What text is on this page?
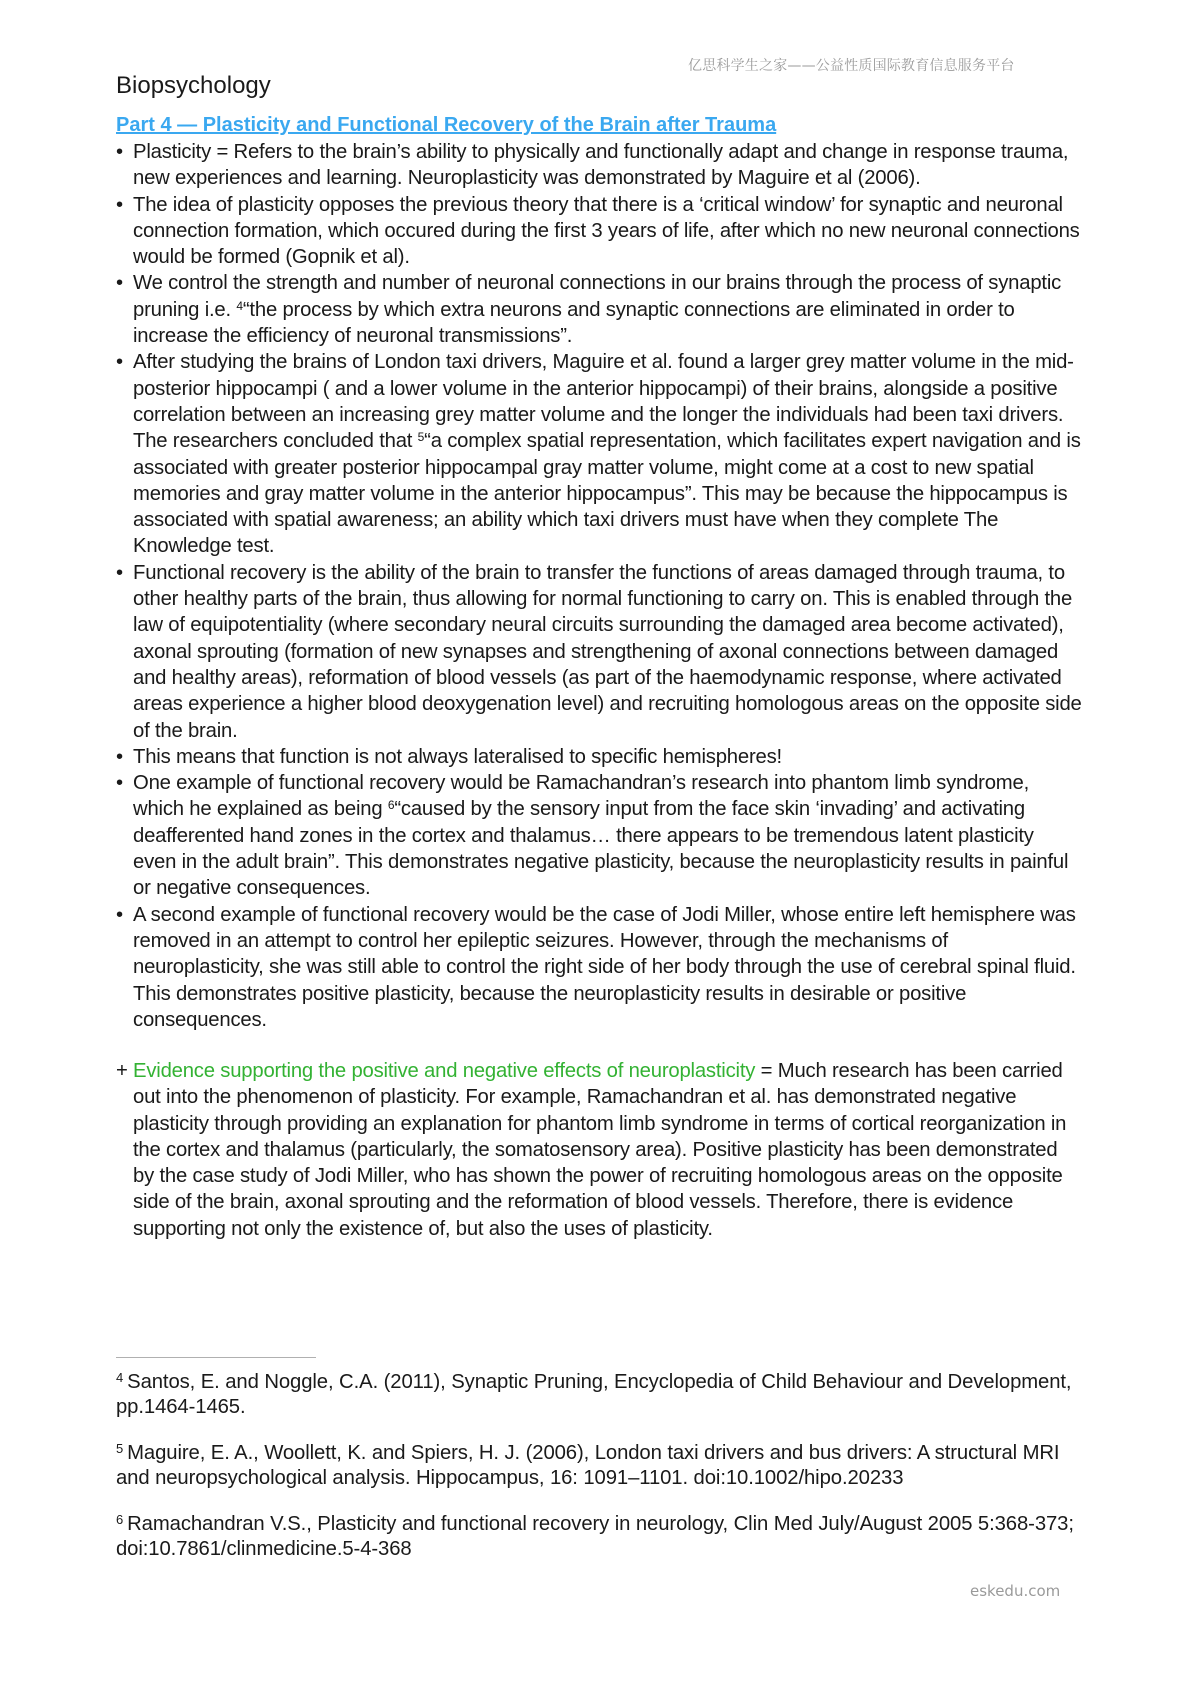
亿思科学生之家——公益性质国际教育信息服务平台
Biopsychology
Part 4 — Plasticity and Functional Recovery of the Brain after Trauma
• Plasticity = Refers to the brain’s ability to physically and functionally adapt and change in response trauma, new experiences and learning. Neuroplasticity was demonstrated by Maguire et al (2006).
• The idea of plasticity opposes the previous theory that there is a ‘critical window’ for synaptic and neuronal connection formation, which occured during the first 3 years of life, after which no new neuronal connections would be formed (Gopnik et al).
• We control the strength and number of neuronal connections in our brains through the process of synaptic pruning i.e. $^4$“the process by which extra neurons and synaptic connections are eliminated in order to increase the efficiency of neuronal transmissions”.
• After studying the brains of London taxi drivers, Maguire et al. found a larger grey matter volume in the mid-posterior hippocampi ( and a lower volume in the anterior hippocampi) of their brains, alongside a positive correlation between an increasing grey matter volume and the longer the individuals had been taxi drivers. The researchers concluded that $^5$“a complex spatial representation, which facilitates expert navigation and is associated with greater posterior hippocampal gray matter volume, might come at a cost to new spatial memories and gray matter volume in the anterior hippocampus”. This may be because the hippocampus is associated with spatial awareness; an ability which taxi drivers must have when they complete The Knowledge test.
• Functional recovery is the ability of the brain to transfer the functions of areas damaged through trauma, to other healthy parts of the brain, thus allowing for normal functioning to carry on. This is enabled through the law of equipotentiality (where secondary neural circuits surrounding the damaged area become activated), axonal sprouting (formation of new synapses and strengthening of axonal connections between damaged and healthy areas), reformation of blood vessels (as part of the haemodynamic response, where activated areas experience a higher blood deoxygenation level) and recruiting homologous areas on the opposite side of the brain.
• This means that function is not always lateralised to specific hemispheres!
• One example of functional recovery would be Ramachandran’s research into phantom limb syndrome, which he explained as being $^6$“caused by the sensory input from the face skin ‘invading’ and activating deafferented hand zones in the cortex and thalamus… there appears to be tremendous latent plasticity even in the adult brain”. This demonstrates negative plasticity, because the neuroplasticity results in painful or negative consequences.
• A second example of functional recovery would be the case of Jodi Miller, whose entire left hemisphere was removed in an attempt to control her epileptic seizures. However, through the mechanisms of neuroplasticity, she was still able to control the right side of her body through the use of cerebral spinal fluid. This demonstrates positive plasticity, because the neuroplasticity results in desirable or positive consequences.
+ Evidence supporting the positive and negative effects of neuroplasticity = Much research has been carried out into the phenomenon of plasticity. For example, Ramachandran et al. has demonstrated negative plasticity through providing an explanation for phantom limb syndrome in terms of cortical reorganization in the cortex and thalamus (particularly, the somatosensory area). Positive plasticity has been demonstrated by the case study of Jodi Miller, who has shown the power of recruiting homologous areas on the opposite side of the brain, axonal sprouting and the reformation of blood vessels. Therefore, there is evidence supporting not only the existence of, but also the uses of plasticity.

$^4$ Santos, E. and Noggle, C.A. (2011), Synaptic Pruning, Encyclopedia of Child Behaviour and Development, pp.1464-1465.

$^5$ Maguire, E. A., Woollett, K. and Spiers, H. J. (2006), London taxi drivers and bus drivers: A structural MRI and neuropsychological analysis. Hippocampus, 16: 1091–1101. doi:10.1002/hipo.20233

$^6$ Ramachandran V.S., Plasticity and functional recovery in neurology, Clin Med July/August 2005 5:368-373; doi:10.7861/clinmedicine.5-4-368

eskedu.com
